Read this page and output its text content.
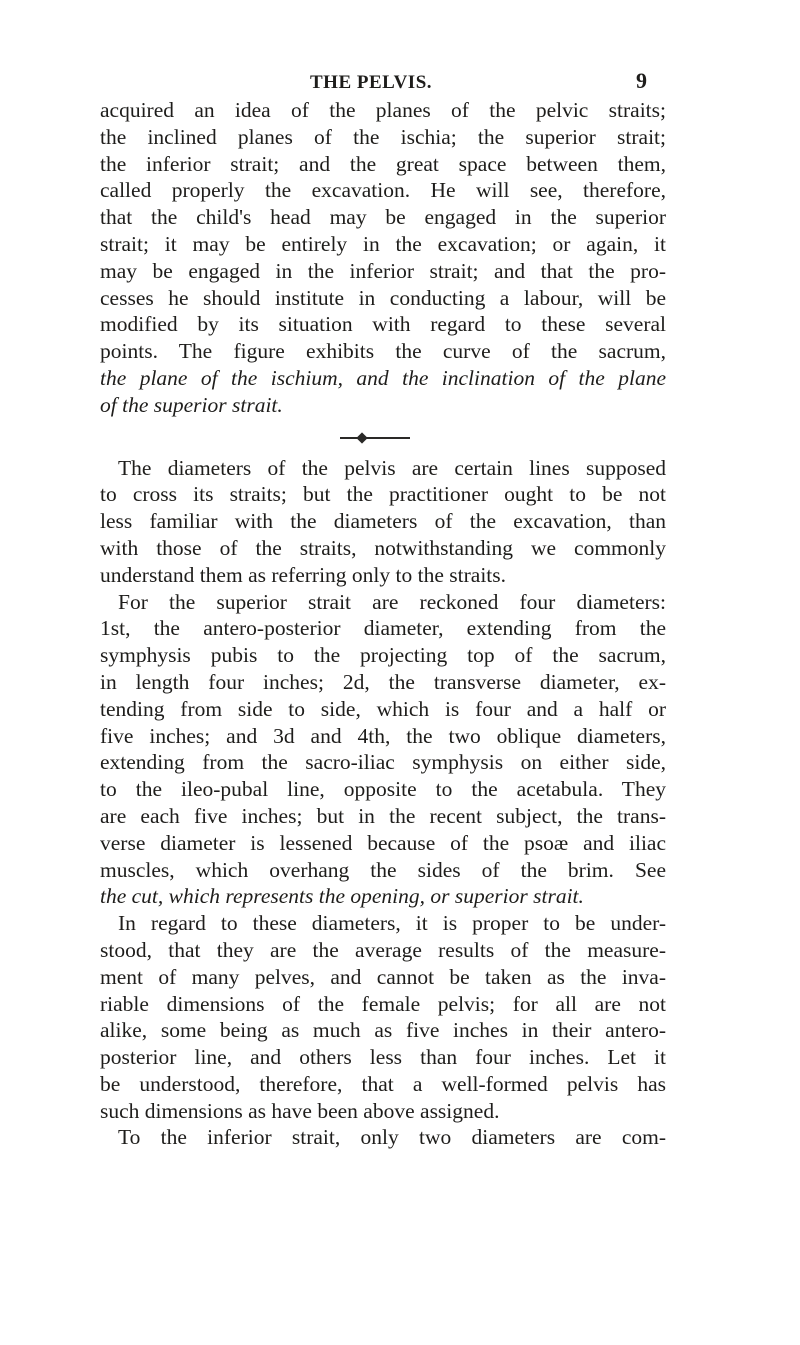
THE PELVIS.	9
acquired an idea of the planes of the pelvic straits;
the inclined planes of the ischia; the superior strait;
the inferior strait; and the great space between them,
called properly the excavation. He will see, therefore,
that the child's head may be engaged in the superior
strait; it may be entirely in the excavation; or again, it
may be engaged in the inferior strait; and that the pro-
cesses he should institute in conducting a labour, will be
modified by its situation with regard to these several
points. The figure exhibits the curve of the sacrum,
the plane of the ischium, and the inclination of the plane
of the superior strait.
The diameters of the pelvis are certain lines supposed
to cross its straits; but the practitioner ought to be not
less familiar with the diameters of the excavation, than
with those of the straits, notwithstanding we commonly
understand them as referring only to the straits.
For the superior strait are reckoned four diameters:
1st, the antero-posterior diameter, extending from the
symphysis pubis to the projecting top of the sacrum,
in length four inches; 2d, the transverse diameter, ex-
tending from side to side, which is four and a half or
five inches; and 3d and 4th, the two oblique diameters,
extending from the sacro-iliac symphysis on either side,
to the ileo-pubal line, opposite to the acetabula. They
are each five inches; but in the recent subject, the trans-
verse diameter is lessened because of the psoæ and iliac
muscles, which overhang the sides of the brim. See
the cut, which represents the opening, or superior strait.
In regard to these diameters, it is proper to be under-
stood, that they are the average results of the measure-
ment of many pelves, and cannot be taken as the inva-
riable dimensions of the female pelvis; for all are not
alike, some being as much as five inches in their antero-
posterior line, and others less than four inches. Let it
be understood, therefore, that a well-formed pelvis has
such dimensions as have been above assigned.
To the inferior strait, only two diameters are com-
